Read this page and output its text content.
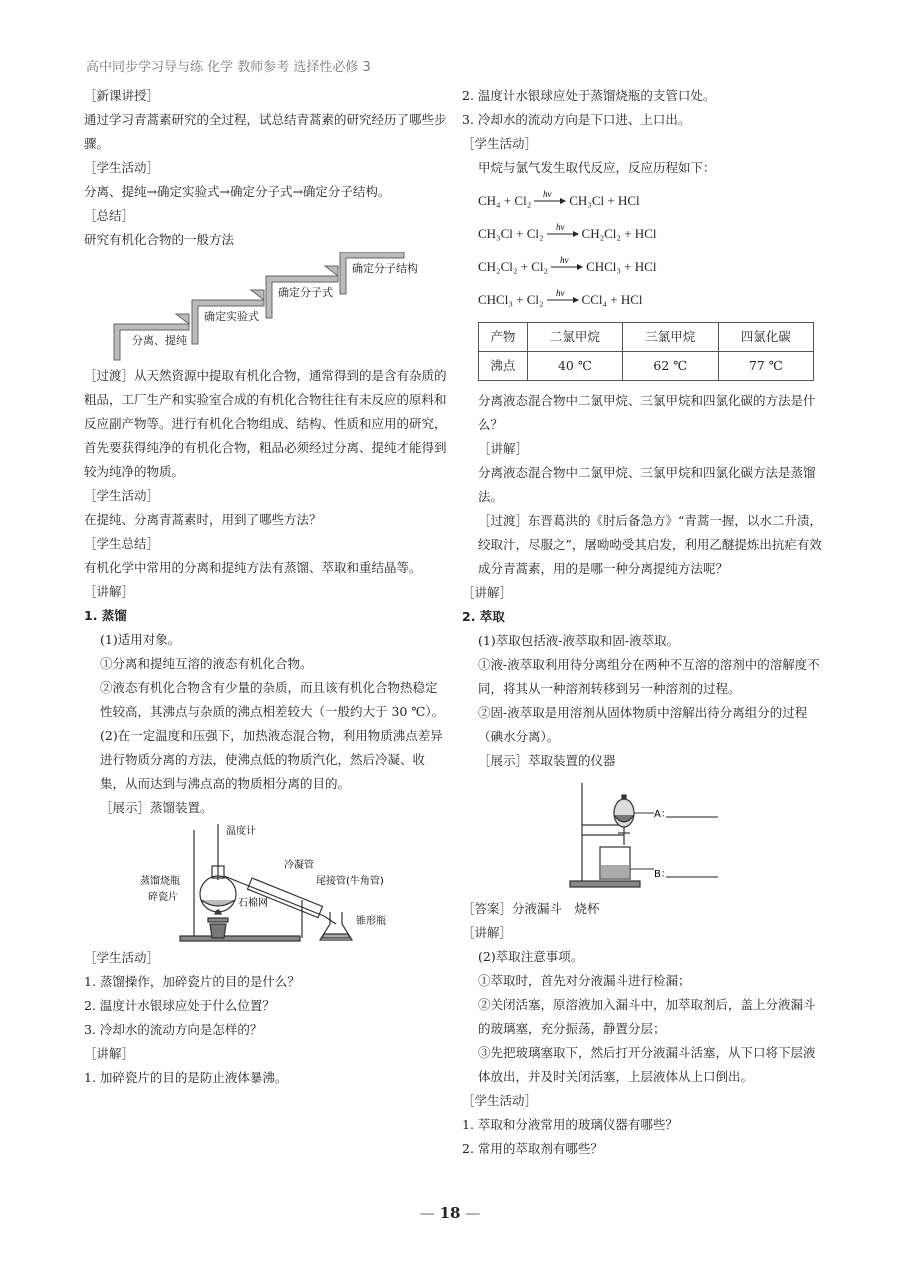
高中同步学习导与练 化学 教师参考 选择性必修 3

［新课讲授］

通过学习青蒿素研究的全过程，试总结青蒿素的研究经历了哪些步骤。

［学生活动］

分离、提纯→确定实验式→确定分子式→确定分子结构。

［总结］

研究有机化合物的一般方法

分离、提纯
确定实验式
确定分子式
确定分子结构

［过渡］从天然资源中提取有机化合物，通常得到的是含有杂质的粗品，工厂生产和实验室合成的有机化合物往往有未反应的原料和反应副产物等。进行有机化合物组成、结构、性质和应用的研究，首先要获得纯净的有机化合物，粗品必须经过分离、提纯才能得到较为纯净的物质。

［学生活动］

在提纯、分离青蒿素时，用到了哪些方法？

［学生总结］

有机化学中常用的分离和提纯方法有蒸馏、萃取和重结晶等。

［讲解］

1. 蒸馏

(1)适用对象。

①分离和提纯互溶的液态有机化合物。

②液态有机化合物含有少量的杂质，而且该有机化合物热稳定性较高，其沸点与杂质的沸点相差较大（一般约大于 30 ℃）。

(2)在一定温度和压强下，加热液态混合物，利用物质沸点差异进行物质分离的方法，使沸点低的物质汽化，然后冷凝、收集，从而达到与沸点高的物质相分离的目的。

［展示］蒸馏装置。

温度计
冷凝管
尾接管(牛角管)
蒸馏烧瓶
碎瓷片
石棉网
锥形瓶

［学生活动］

1. 蒸馏操作，加碎瓷片的目的是什么？

2. 温度计水银球应处于什么位置？

3. 冷却水的流动方向是怎样的？

［讲解］

1. 加碎瓷片的目的是防止液体暴沸。

2. 温度计水银球应处于蒸馏烧瓶的支管口处。

3. 冷却水的流动方向是下口进、上口出。

［学生活动］

甲烷与氯气发生取代反应，反应历程如下：

CH₄ + Cl₂ hν CH₃Cl + HCl
CH₃Cl + Cl₂ hν CH₂Cl₂ + HCl
CH₂Cl₂ + Cl₂ hν CHCl₃ + HCl
CHCl₃ + Cl₂ hν CCl₄ + HCl
产物	二氯甲烷	三氯甲烷	四氯化碳
沸点	40 ℃	62 ℃	77 ℃

分离液态混合物中二氯甲烷、三氯甲烷和四氯化碳的方法是什么？

［讲解］

分离液态混合物中二氯甲烷、三氯甲烷和四氯化碳方法是蒸馏法。

［过渡］东晋葛洪的《肘后备急方》“青蒿一握，以水二升渍，绞取汁，尽服之”，屠呦呦受其启发，利用乙醚提炼出抗疟有效成分青蒿素，用的是哪一种分离提纯方法呢？

［讲解］

2. 萃取

(1)萃取包括液-液萃取和固-液萃取。

①液-液萃取利用待分离组分在两种不互溶的溶剂中的溶解度不同，将其从一种溶剂转移到另一种溶剂的过程。

②固-液萃取是用溶剂从固体物质中溶解出待分离组分的过程（碘水分离）。

［展示］萃取装置的仪器

A：
B：

［答案］分液漏斗　烧杯

［讲解］

(2)萃取注意事项。

①萃取时，首先对分液漏斗进行检漏；

②关闭活塞，原溶液加入漏斗中，加萃取剂后，盖上分液漏斗的玻璃塞，充分振荡，静置分层；

③先把玻璃塞取下，然后打开分液漏斗活塞，从下口将下层液体放出，并及时关闭活塞，上层液体从上口倒出。

［学生活动］

1. 萃取和分液常用的玻璃仪器有哪些？

2. 常用的萃取剂有哪些？

— 18 —
